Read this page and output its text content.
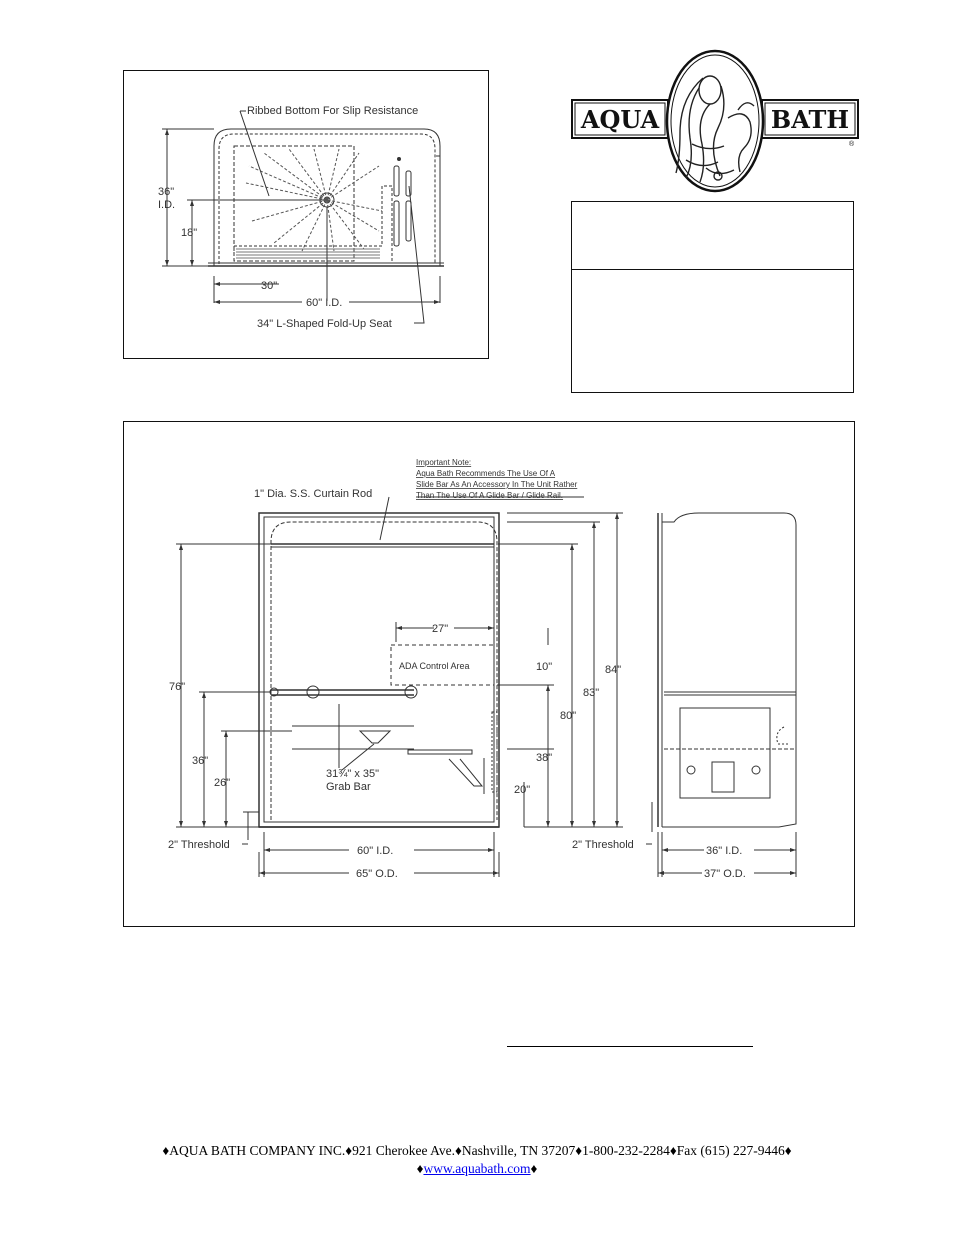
Ribbed Bottom For Slip Resistance
36"
I.D.
18"
30"
60" I.D.
34" L-Shaped Fold-Up Seat
AQUA	BATH
®
Important Note:
Aqua Bath Recommends The Use Of A
Slide Bar As An Accessory In The Unit Rather
Than The Use Of A Glide Bar / Glide Rail.
1" Dia. S.S. Curtain Rod
27"
ADA Control Area	10"	84"
83"
80"
76"
38"
36"
26"
20"
31¾" x 35"
Grab Bar
2" Threshold	2" Threshold
60" I.D.
65" O.D.
36" I.D.
37" O.D.
♦AQUA BATH COMPANY INC.♦921 Cherokee Ave.♦Nashville, TN 37207♦1-800-232-2284♦Fax (615) 227-9446♦
♦www.aquabath.com♦
